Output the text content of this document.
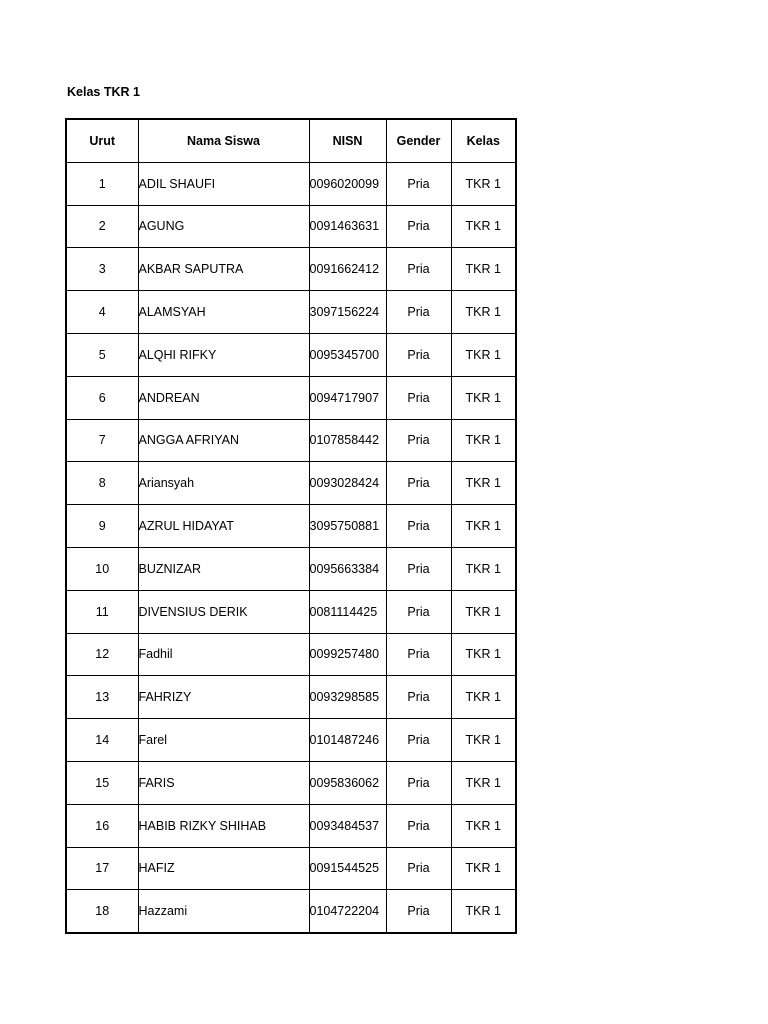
Kelas TKR 1
Urut	Nama Siswa	NISN	Gender	Kelas
1	ADIL SHAUFI	0096020099	Pria	TKR 1
2	AGUNG	0091463631	Pria	TKR 1
3	AKBAR SAPUTRA	0091662412	Pria	TKR 1
4	ALAMSYAH	3097156224	Pria	TKR 1
5	ALQHI RIFKY	0095345700	Pria	TKR 1
6	ANDREAN	0094717907	Pria	TKR 1
7	ANGGA AFRIYAN	0107858442	Pria	TKR 1
8	Ariansyah	0093028424	Pria	TKR 1
9	AZRUL HIDAYAT	3095750881	Pria	TKR 1
10	BUZNIZAR	0095663384	Pria	TKR 1
11	DIVENSIUS DERIK	0081114425	Pria	TKR 1
12	Fadhil	0099257480	Pria	TKR 1
13	FAHRIZY	0093298585	Pria	TKR 1
14	Farel	0101487246	Pria	TKR 1
15	FARIS	0095836062	Pria	TKR 1
16	HABIB RIZKY SHIHAB	0093484537	Pria	TKR 1
17	HAFIZ	0091544525	Pria	TKR 1
18	Hazzami	0104722204	Pria	TKR 1
